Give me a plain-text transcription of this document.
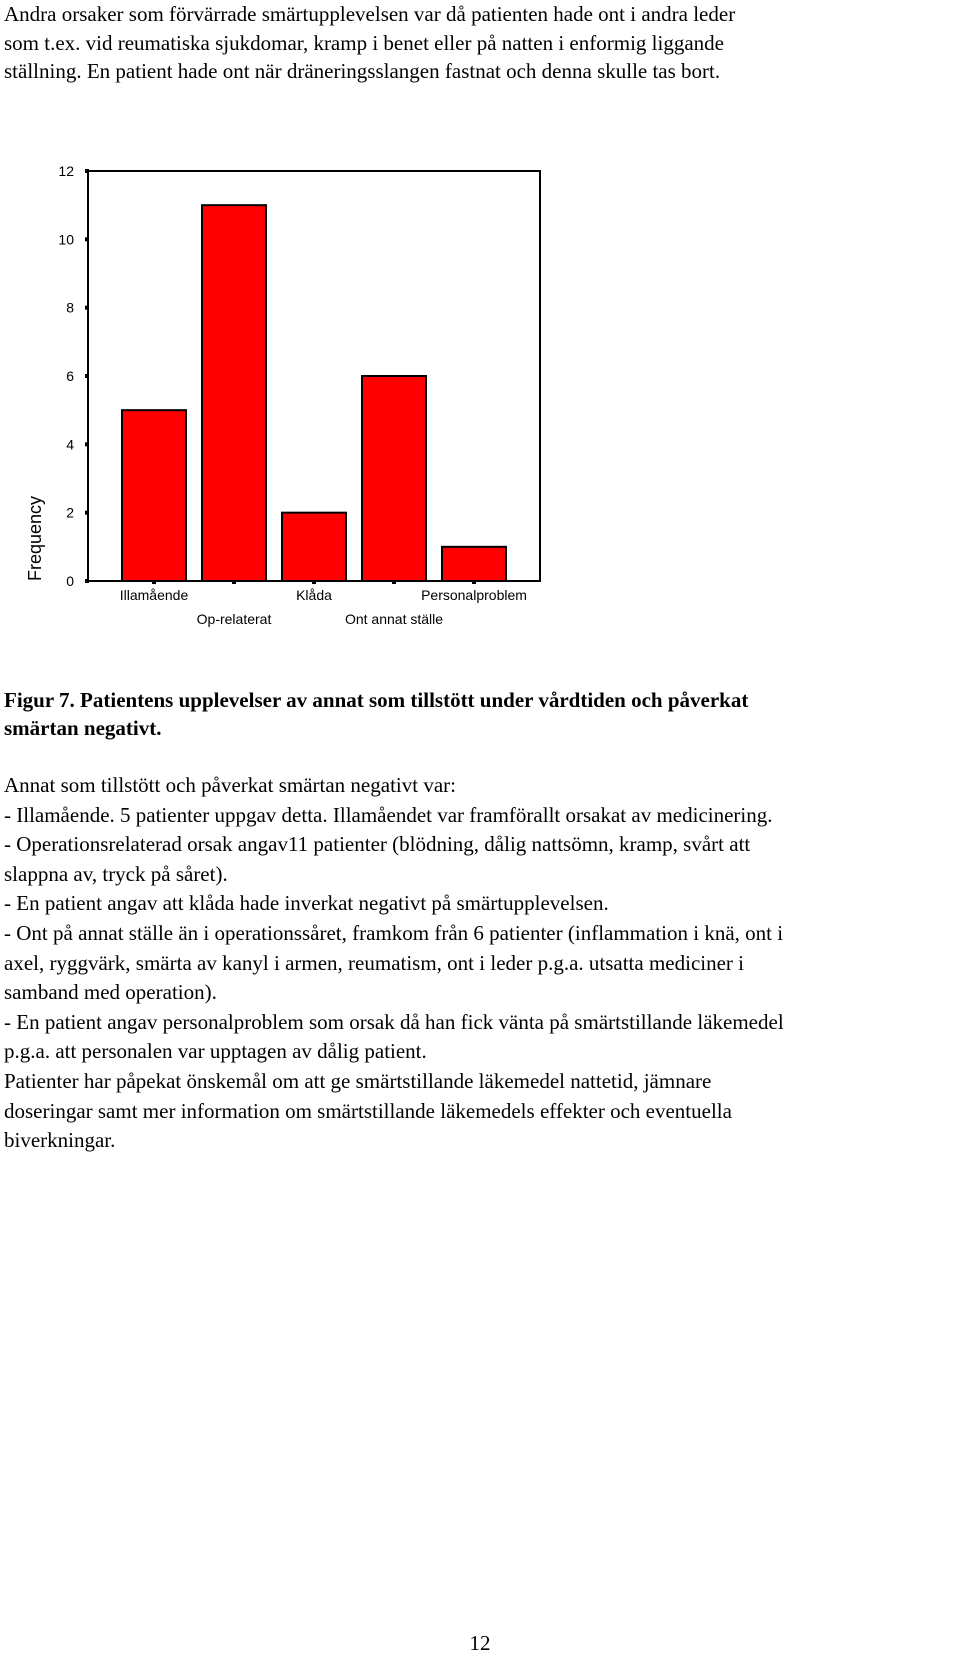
Andra orsaker som förvärrade smärtupplevelsen var då patienten hade ont i andra leder
som t.ex. vid reumatiska sjukdomar, kramp i benet eller på natten i enformig liggande
ställning. En patient hade ont när dräneringsslangen fastnat och denna skulle tas bort.
Frequency 0
2
4
6
8
10
12
Illamående
Op-relaterat
Klåda
Ont annat ställe
Personalproblem
Figur 7. Patientens upplevelser av annat som tillstött under vårdtiden och påverkat
smärtan negativt.
Annat som tillstött och påverkat smärtan negativt var:
- Illamående. 5 patienter uppgav detta. Illamåendet var framförallt orsakat av medicinering.
- Operationsrelaterad orsak angav11 patienter (blödning, dålig nattsömn, kramp, svårt att
slappna av, tryck på såret).
- En patient angav att klåda hade inverkat negativt på smärtupplevelsen.
- Ont på annat ställe än i operationssåret, framkom från 6 patienter (inflammation i knä, ont i
axel, ryggvärk, smärta av kanyl i armen, reumatism, ont i leder p.g.a. utsatta mediciner i
samband med operation).
- En patient angav personalproblem som orsak då han fick vänta på smärtstillande läkemedel
p.g.a. att personalen var upptagen av dålig patient.
Patienter har påpekat önskemål om att ge smärtstillande läkemedel nattetid, jämnare
doseringar samt mer information om smärtstillande läkemedels effekter och eventuella
biverkningar.
12
